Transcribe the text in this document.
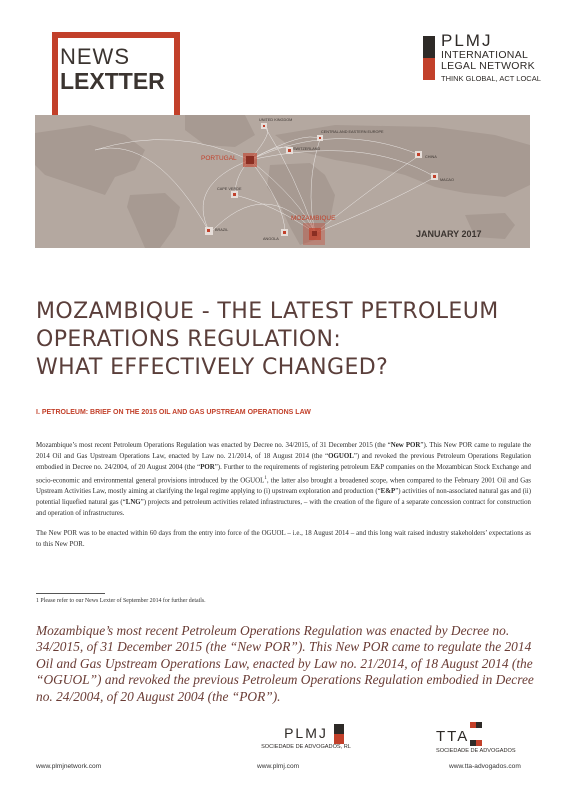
NEWS
LEXTTER
PLMJ
INTERNATIONAL
LEGAL NETWORK
THINK GLOBAL, ACT LOCAL
UNITED KINGDOM
CENTRAL AND EASTERN EUROPE
PORTUGAL
SWITZERLAND
CHINA
MACAO
CAPE VERDE
BRAZIL
ANGOLA
MOZAMBIQUE
JANUARY 2017
MOZAMBIQUE - THE LATEST PETROLEUM
OPERATIONS REGULATION:
WHAT EFFECTIVELY CHANGED?
I. PETROLEUM: BRIEF ON THE 2015 OIL AND GAS UPSTREAM OPERATIONS LAW

Mozambique’s most recent Petroleum Operations Regulation was enacted by Decree no. 34/2015, of 31 December 2015 (the “New POR”). This New POR came to regulate the 2014 Oil and Gas Upstream Operations Law, enacted by Law no. 21/2014, of 18 August 2014 (the “OGUOL”) and revoked the previous Petroleum Operations Regulation embodied in Decree no. 24/2004, of 20 August 2004 (the “POR”). Further to the requirements of registering petroleum E&P companies on the Mozambican Stock Exchange and socio-economic and environmental general provisions introduced by the OGUOL$^1$, the latter also brought a broadened scope, when compared to the February 2001 Oil and Gas Upstream Activities Law, mostly aiming at clarifying the legal regime applying to (i) upstream exploration and production (“E&P”) activities of non-associated natural gas and (ii) potential liquefied natural gas (“LNG”) projects and petroleum activities related infrastructures, – with the creation of the figure of a separate concession contract for construction and operation of infrastructures.

The New POR was to be enacted within 60 days from the entry into force of the OGUOL – i.e., 18 August 2014 – and this long wait raised industry stakeholders’ expectations as to this New POR.

1 Please refer to our News Lexter of September 2014 for further details.
Mozambique’s most recent Petroleum Operations Regulation was enacted by Decree no. 34/2015, of 31 December 2015 (the “New POR”). This New POR came to regulate the 2014 Oil and Gas Upstream Operations Law, enacted by Law no. 21/2014, of 18 August 2014 (the “OGUOL”) and revoked the previous Petroleum Operations Regulation embodied in Decree no. 24/2004, of 20 August 2004 (the “POR”).
PLMJ
SOCIEDADE DE ADVOGADOS, RL

TTA
SOCIEDADE DE ADVOGADOS
www.plmjnetwork.com	www.plmj.com	www.tta-advogados.com
